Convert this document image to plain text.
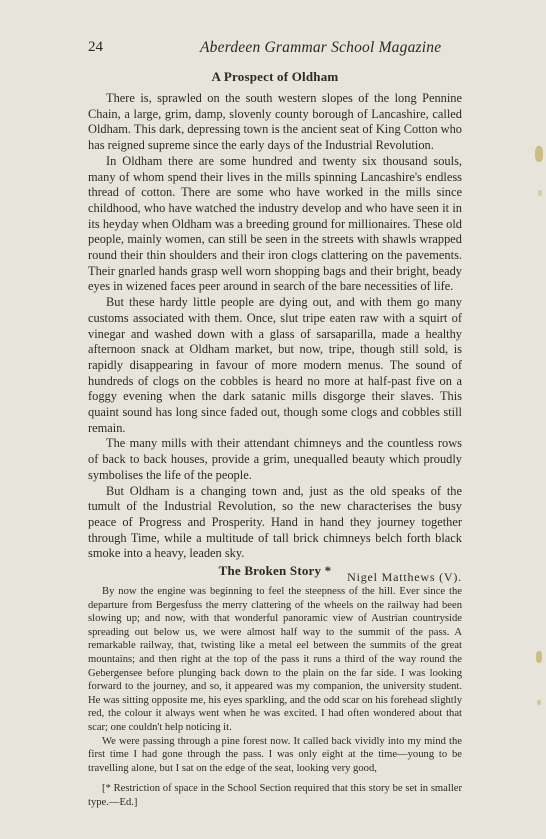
24	Aberdeen Grammar School Magazine
A Prospect of Oldham

There is, sprawled on the south western slopes of the long Pennine Chain, a large, grim, damp, slovenly county borough of Lancashire, called Oldham. This dark, depressing town is the ancient seat of King Cotton who has reigned supreme since the early days of the Industrial Revolution.

In Oldham there are some hundred and twenty six thousand souls, many of whom spend their lives in the mills spinning Lancashire's endless thread of cotton. There are some who have worked in the mills since childhood, who have watched the industry develop and who have seen it in its heyday when Oldham was a breeding ground for millionaires. These old people, mainly women, can still be seen in the streets with shawls wrapped round their thin shoulders and their iron clogs clattering on the pavements. Their gnarled hands grasp well worn shopping bags and their bright, beady eyes in wizened faces peer around in search of the bare necessities of life.

But these hardy little people are dying out, and with them go many customs associated with them. Once, slut tripe eaten raw with a squirt of vinegar and washed down with a glass of sarsaparilla, made a healthy afternoon snack at Oldham market, but now, tripe, though still sold, is rapidly disappearing in favour of more modern menus. The sound of hundreds of clogs on the cobbles is heard no more at half-past five on a foggy evening when the dark satanic mills disgorge their slaves. This quaint sound has long since faded out, though some clogs and cobbles still remain.

The many mills with their attendant chimneys and the countless rows of back to back houses, provide a grim, unequalled beauty which proudly symbolises the life of the people.

But Oldham is a changing town and, just as the old speaks of the tumult of the Industrial Revolution, so the new characterises the busy peace of Progress and Prosperity. Hand in hand they journey together through Time, while a multitude of tall brick chimneys belch forth black smoke into a heavy, leaden sky.

Nigel Matthews (V).
The Broken Story *

By now the engine was beginning to feel the steepness of the hill. Ever since the departure from Bergesfuss the merry clattering of the wheels on the railway had been slowing up; and now, with that wonderful panoramic view of Austrian countryside spreading out below us, we were almost half way to the summit of the pass. A remarkable railway, that, twisting like a metal eel between the summits of the great mountains; and then right at the top of the pass it runs a third of the way round the Gebergensee before plunging back down to the plain on the far side. I was looking forward to the journey, and so, it appeared was my companion, the university student. He was sitting opposite me, his eyes sparkling, and the odd scar on his forehead slightly red, the colour it always went when he was excited. I had often wondered about that scar; one couldn't help noticing it.

We were passing through a pine forest now. It called back vividly into my mind the first time I had gone through the pass. I was only eight at the time—young to be travelling alone, but I sat on the edge of the seat, looking very good,

[* Restriction of space in the School Section required that this story be set in smaller type.—Ed.]
